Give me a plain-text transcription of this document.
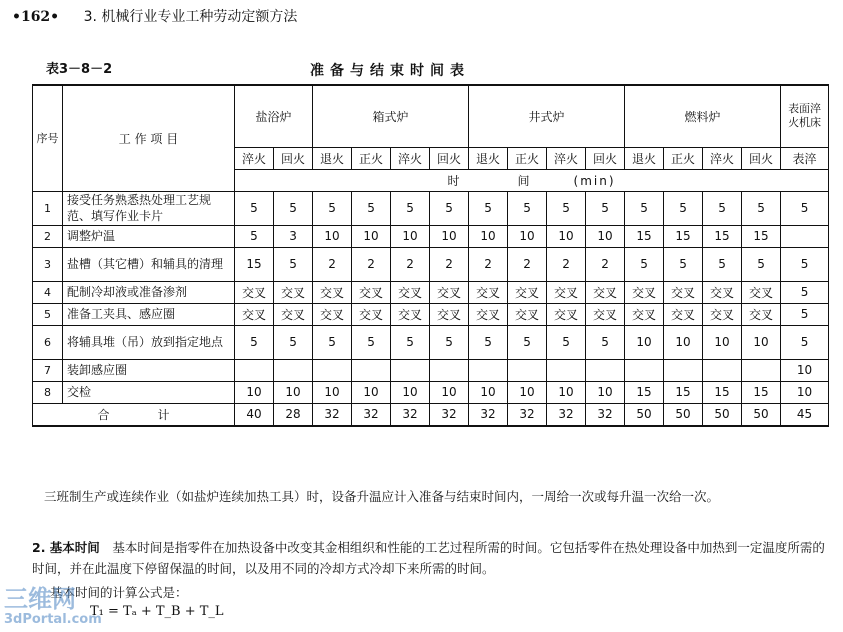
•162• 3. 机械行业专业工种劳动定额方法
表3－8－2	准备与结束时间表
序号	工 作 项 目	盐浴炉		箱式炉				井式炉				燃料炉				表面淬火机床
		淬火	回火	退火	正火	淬火	回火	退火	正火	淬火	回火	退火	正火	淬火	回火	表淬
		时　　　　间　　　(min)														
1	接受任务熟悉热处理工艺规范、填写作业卡片	5	5	5	5	5	5	5	5	5	5	5	5	5	5	5
2	调整炉温	5	3	10	10	10	10	10	10	10	10	15	15	15	15	
3	盐槽（其它槽）和辅具的清理	15	5	2	2	2	2	2	2	2	2	5	5	5	5	5
4	配制冷却液或准备渗剂	交叉	交叉	交叉	交叉	交叉	交叉	交叉	交叉	交叉	交叉	交叉	交叉	交叉	交叉	5
5	准备工夹具、感应圈	交叉	交叉	交叉	交叉	交叉	交叉	交叉	交叉	交叉	交叉	交叉	交叉	交叉	交叉	5
6	将辅具堆（吊）放到指定地点	5	5	5	5	5	5	5	5	5	5	10	10	10	10	5
7	装卸感应圈															10
8	交检	10	10	10	10	10	10	10	10	10	10	15	15	15	15	10
合　　　　计		40	28	32	32	32	32	32	32	32	32	50	50	50	50	45
三班制生产或连续作业（如盐炉连续加热工具）时，设备升温应计入准备与结束时间内，一周给一次或每升温一次给一次。
2. 基本时间　基本时间是指零件在加热设备中改变其金相组织和性能的工艺过程所需的时间。它包括零件在热处理设备中加热到一定温度所需的时间，并在此温度下停留保温的时间，以及用不同的冷却方式冷却下来所需的时间。
基本时间的计算公式是：
T₁ = Tₐ + T_B + T_L
三维网
3dPortal.com
